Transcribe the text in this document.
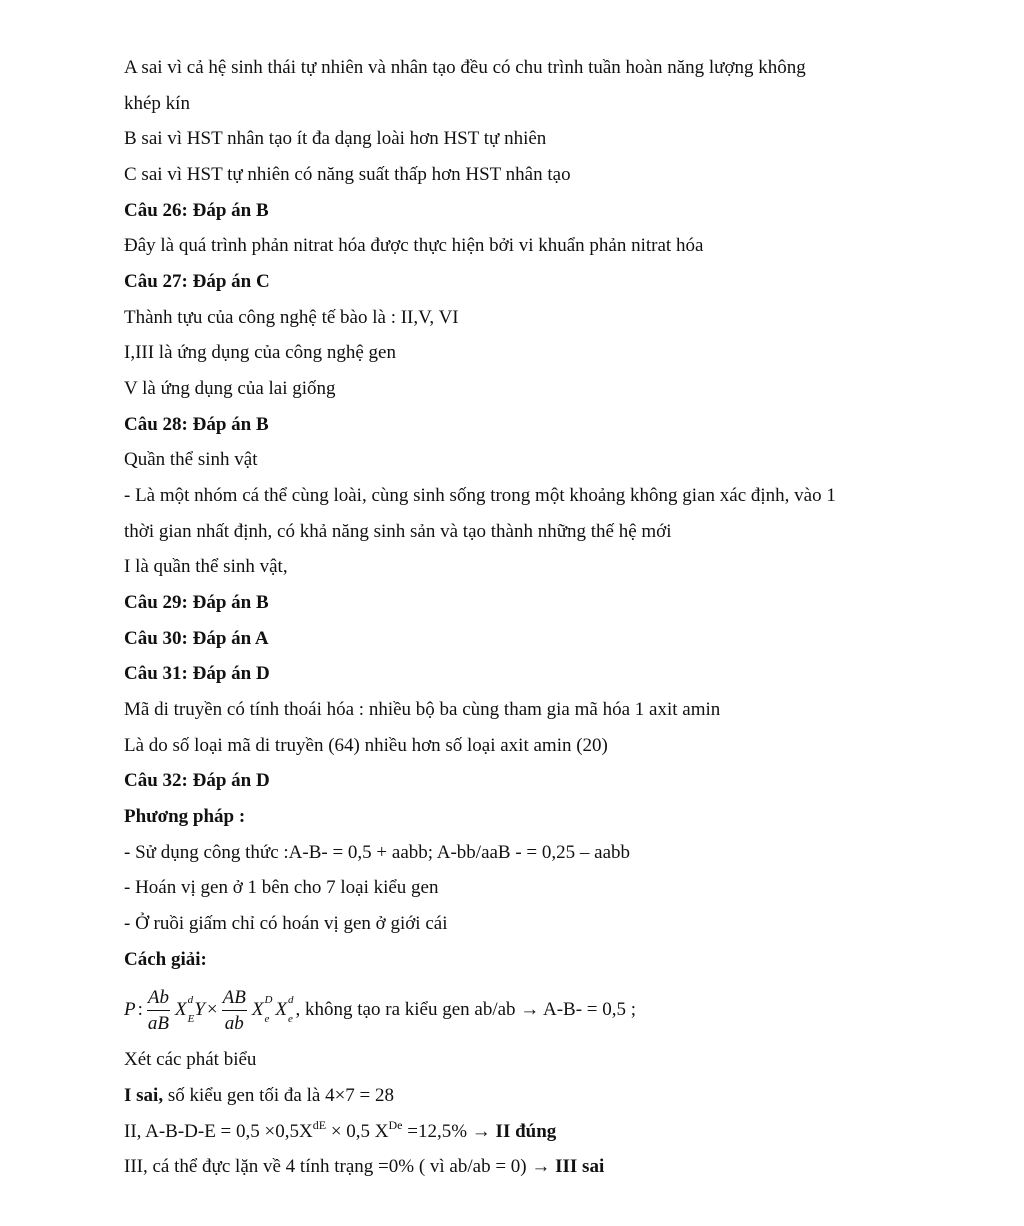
A sai vì cả hệ sinh thái tự nhiên và nhân tạo đều có chu trình tuần hoàn năng lượng không
khép kín
B sai vì HST nhân tạo ít đa dạng loài hơn HST tự nhiên
C sai vì HST tự nhiên có năng suất thấp hơn HST nhân tạo
Câu 26: Đáp án B
Đây là quá trình phản nitrat hóa được thực hiện bởi vi khuẩn phản nitrat hóa
Câu 27: Đáp án C
Thành tựu của công nghệ tế bào là : II,V, VI
I,III là ứng dụng của công nghệ gen
V là ứng dụng của lai giống
Câu 28: Đáp án B
Quần thể sinh vật
- Là một nhóm cá thể cùng loài, cùng sinh sống trong một khoảng không gian xác định, vào 1
thời gian nhất định, có khả năng sinh sản và tạo thành những thế hệ mới
I là quần thể sinh vật,
Câu 29: Đáp án B
Câu 30: Đáp án A
Câu 31: Đáp án D
Mã di truyền có tính thoái hóa : nhiều bộ ba cùng tham gia mã hóa 1 axit amin
Là do số loại mã di truyền (64) nhiều hơn số loại axit amin (20)
Câu 32: Đáp án D
Phương pháp :
- Sử dụng công thức :A-B- = 0,5 + aabb; A-bb/aaB - = 0,25 – aabb
- Hoán vị gen ở 1 bên cho 7 loại kiểu gen
- Ở ruồi giấm chỉ có hoán vị gen ở giới cái
Cách giải:
P : $\frac{Ab}{aB}$ X d
E $Y \times \frac{AB}{ab}$ X D
e X d
e , không tạo ra kiểu gen ab/ab → A-B- = 0,5 ;
Xét các phát biểu
I sai, số kiểu gen tối đa là 4×7 = 28
II, A-B-D-E = 0,5 ×0,5XdE × 0,5 XDe =12,5% → II đúng
III, cá thể đực lặn về 4 tính trạng =0% ( vì ab/ab = 0) → III sai
